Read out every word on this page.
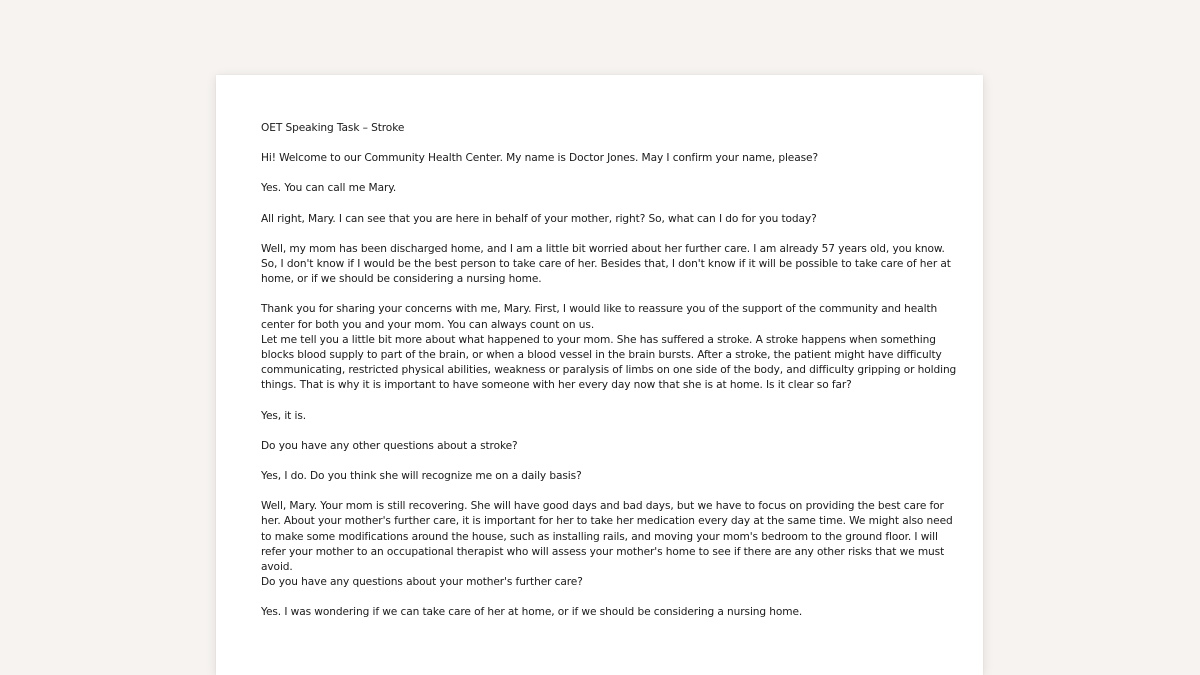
OET Speaking Task – Stroke
Hi! Welcome to our Community Health Center. My name is Doctor Jones. May I confirm your name, please?
Yes. You can call me Mary.
All right, Mary. I can see that you are here in behalf of your mother, right? So, what can I do for you today?
Well, my mom has been discharged home, and I am a little bit worried about her further care. I am already 57 years old, you know.
So, I don't know if I would be the best person to take care of her. Besides that, I don't know if it will be possible to take care of her at
home, or if we should be considering a nursing home.
Thank you for sharing your concerns with me, Mary. First, I would like to reassure you of the support of the community and health
center for both you and your mom. You can always count on us.
Let me tell you a little bit more about what happened to your mom. She has suffered a stroke. A stroke happens when something
blocks blood supply to part of the brain, or when a blood vessel in the brain bursts. After a stroke, the patient might have difficulty
communicating, restricted physical abilities, weakness or paralysis of limbs on one side of the body, and difficulty gripping or holding
things. That is why it is important to have someone with her every day now that she is at home. Is it clear so far?
Yes, it is.
Do you have any other questions about a stroke?
Yes, I do. Do you think she will recognize me on a daily basis?
Well, Mary. Your mom is still recovering. She will have good days and bad days, but we have to focus on providing the best care for
her. About your mother's further care, it is important for her to take her medication every day at the same time. We might also need
to make some modifications around the house, such as installing rails, and moving your mom's bedroom to the ground floor. I will
refer your mother to an occupational therapist who will assess your mother's home to see if there are any other risks that we must
avoid.
Do you have any questions about your mother's further care?
Yes. I was wondering if we can take care of her at home, or if we should be considering a nursing home.
